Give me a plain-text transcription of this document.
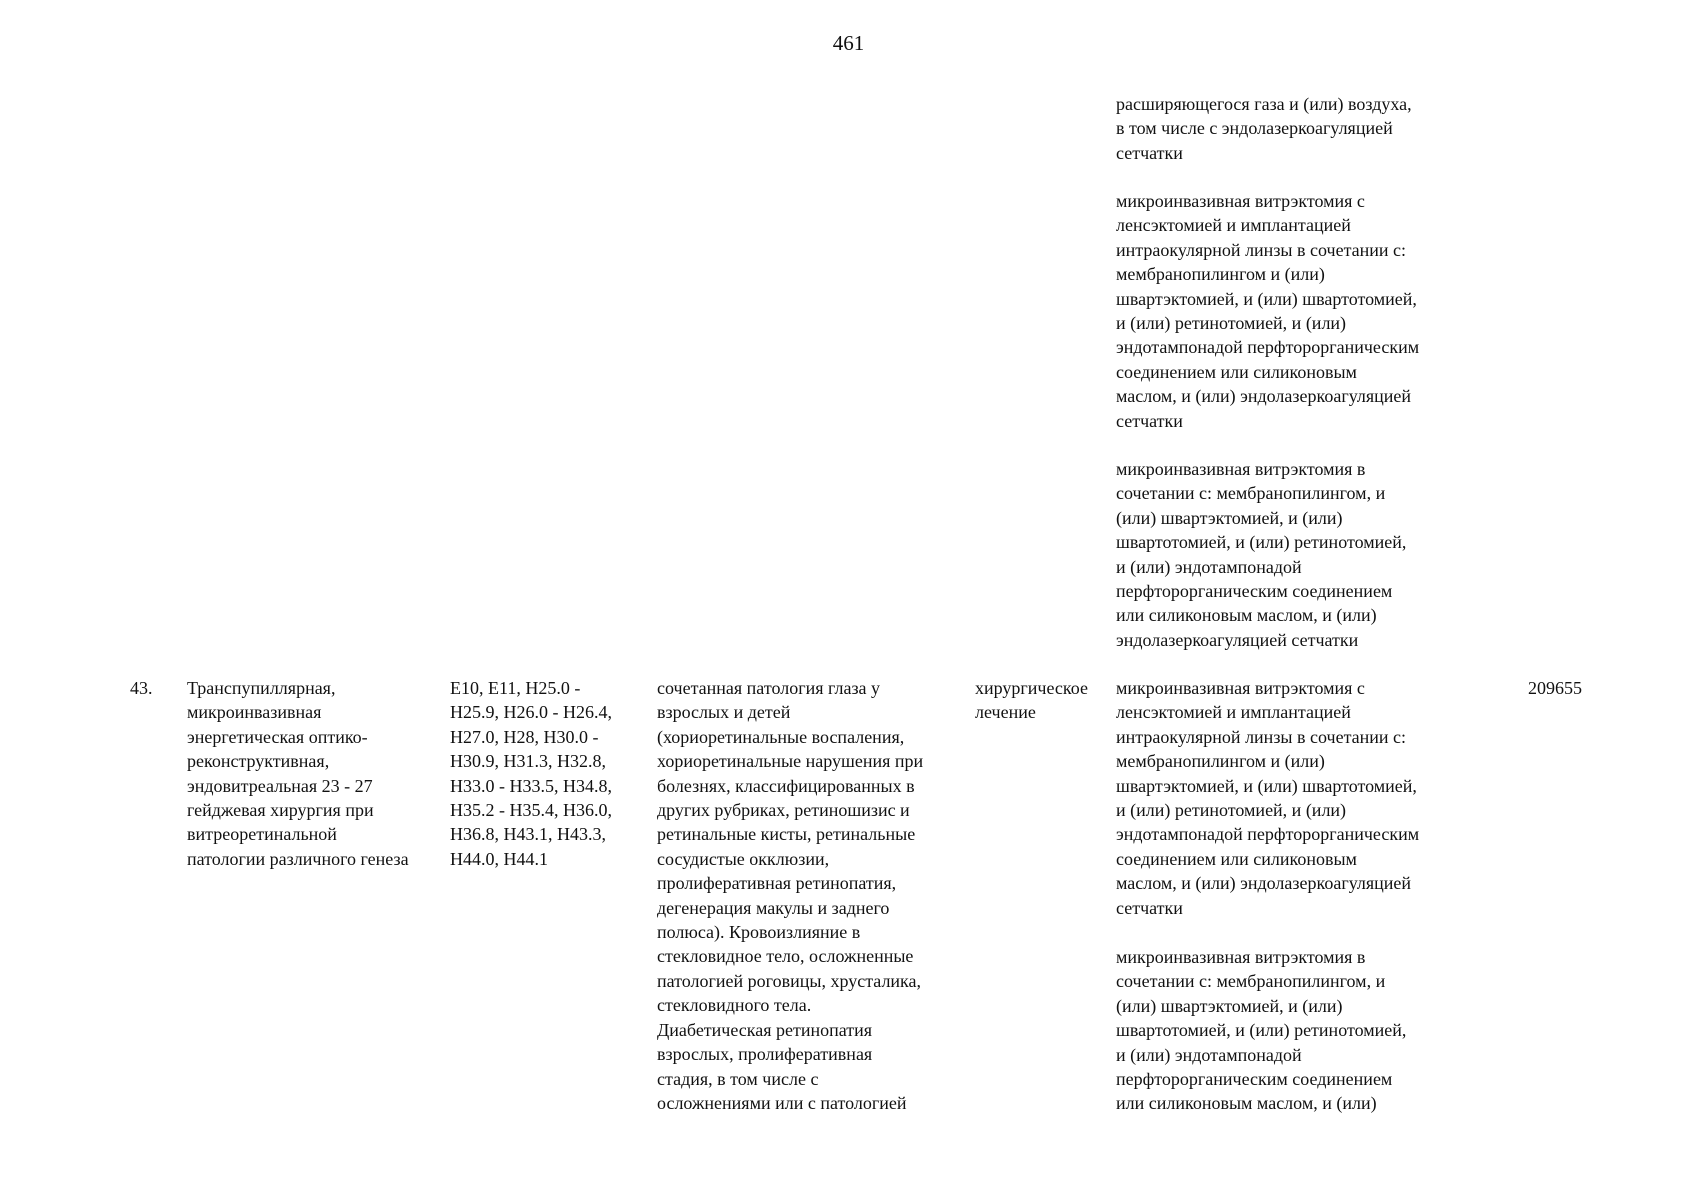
461

расширяющегося газа и (или) воздуха,
в том числе с эндолазеркоагуляцией
сетчатки

микроинвазивная витрэктомия с
ленсэктомией и имплантацией
интраокулярной линзы в сочетании с:
мембранопилингом и (или)
швартэктомией, и (или) швартотомией,
и (или) ретинотомией, и (или)
эндотампонадой перфторорганическим
соединением или силиконовым
маслом, и (или) эндолазеркоагуляцией
сетчатки

микроинвазивная витрэктомия в
сочетании с: мембранопилингом, и
(или) швартэктомией, и (или)
швартотомией, и (или) ретинотомией,
и (или) эндотампонадой
перфторорганическим соединением
или силиконовым маслом, и (или)
эндолазеркоагуляцией сетчатки

43.	Транспупиллярная,
микроинвазивная
энергетическая оптико-
реконструктивная,
эндовитреальная 23 - 27
гейджевая хирургия при
витреоретинальной
патологии различного генеза

E10, E11, H25.0 -
H25.9, H26.0 - H26.4,
H27.0, H28, H30.0 -
H30.9, H31.3, H32.8,
H33.0 - H33.5, H34.8,
H35.2 - H35.4, H36.0,
H36.8, H43.1, H43.3,
H44.0, H44.1

сочетанная патология глаза у
взрослых и детей
(хориоретинальные воспаления,
хориоретинальные нарушения при
болезнях, классифицированных в
других рубриках, ретиношизис и
ретинальные кисты, ретинальные
сосудистые окклюзии,
пролиферативная ретинопатия,
дегенерация макулы и заднего
полюса). Кровоизлияние в
стекловидное тело, осложненные
патологией роговицы, хрусталика,
стекловидного тела.
Диабетическая ретинопатия
взрослых, пролиферативная
стадия, в том числе с
осложнениями или с патологией

хирургическое
лечение

микроинвазивная витрэктомия с
ленсэктомией и имплантацией
интраокулярной линзы в сочетании с:
мембранопилингом и (или)
швартэктомией, и (или) швартотомией,
и (или) ретинотомией, и (или)
эндотампонадой перфторорганическим
соединением или силиконовым
маслом, и (или) эндолазеркоагуляцией
сетчатки

микроинвазивная витрэктомия в
сочетании с: мембранопилингом, и
(или) швартэктомией, и (или)
швартотомией, и (или) ретинотомией,
и (или) эндотампонадой
перфторорганическим соединением
или силиконовым маслом, и (или)

209655
